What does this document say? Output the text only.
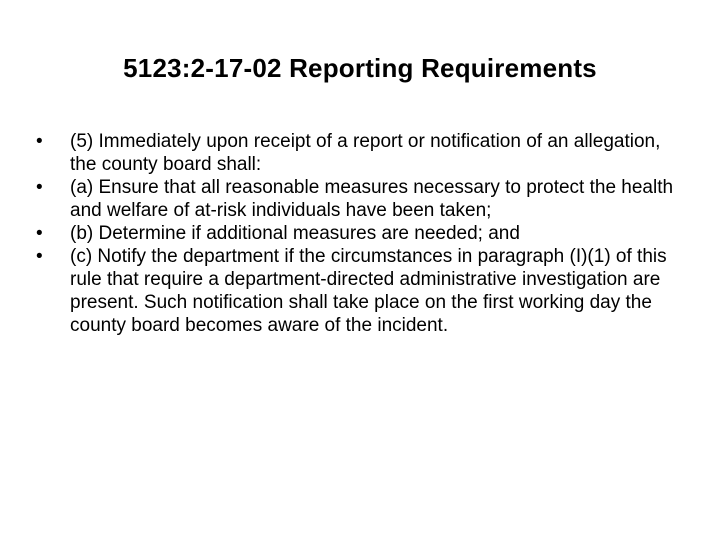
5123:2-17-02 Reporting Requirements
•	(5) Immediately upon receipt of a report or notification of an allegation, the county board shall:
•	(a) Ensure that all reasonable measures necessary to protect the health and welfare of at-risk individuals have been taken;
•	(b) Determine if additional measures are needed; and
•	(c) Notify the department if the circumstances in paragraph (I)(1) of this rule that require a department-directed administrative investigation are present. Such notification shall take place on the first working day the county board becomes aware of the incident.
